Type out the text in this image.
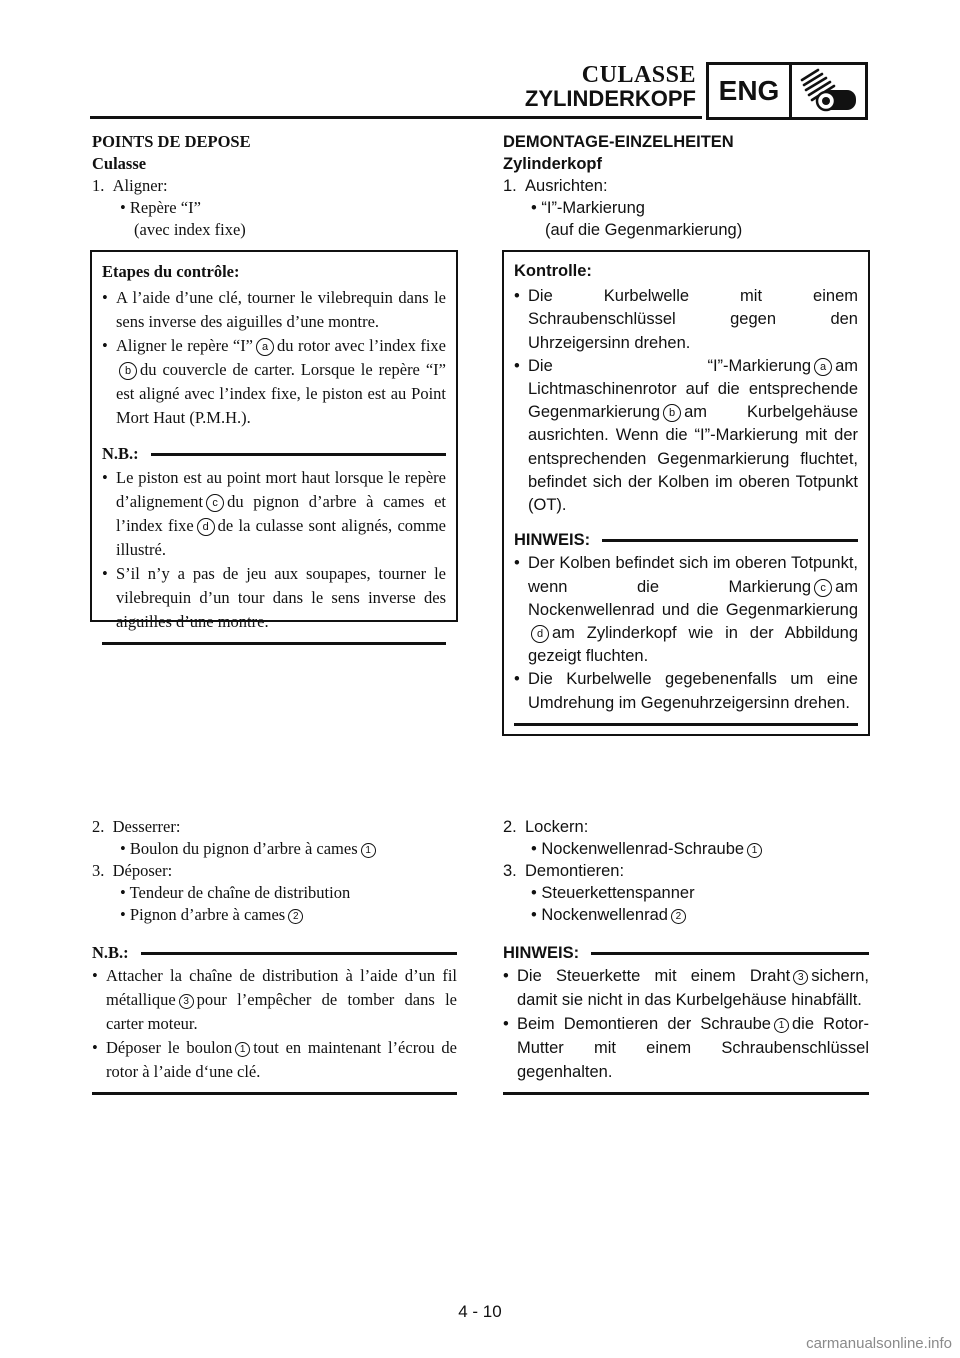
CULASSE
ZYLINDERKOPF ENG

POINTS DE DEPOSE

Culasse

1. Aligner:

• Repère “I”

(avec index fixe)

Etapes du contrôle:
• A l’aide d’une clé, tourner le vilebrequin dans le sens inverse des aiguilles d’une montre.
• Aligner le repère “I” a du rotor avec l’index fixeb du couvercle de carter. Lorsque le repère “I” est aligné avec l’index fixe, le piston est au Point Mort Haut (P.M.H.).
N.B.:
• Le piston est au point mort haut lorsque le repère d’alignement c du pignon d’arbre à cames et l’index fixe d de la culasse sont alignés, comme illustré.
• S’il n’y a pas de jeu aux soupapes, tourner le vilebrequin d’un tour dans le sens inverse des aiguilles d’une montre.

2. Desserrer:

• Boulon du pignon d’arbre à cames 1

3. Déposer:

• Tendeur de chaîne de distribution

• Pignon d’arbre à cames 2

N.B.:
• Attacher la chaîne de distribution à l’aide d’un fil métallique 3 pour l’empêcher de tomber dans le carter moteur.
• Déposer le boulon 1 tout en maintenant l’écrou de rotor à l’aide d‘une clé.

DEMONTAGE-EINZELHEITEN

Zylinderkopf

1. Ausrichten:

• “I”-Markierung

(auf die Gegenmarkierung)

Kontrolle:
• Die Kurbelwelle mit einem Schraubenschlüssel gegen den Uhrzeigersinn drehen.
• Die “I”-Markierung a am Lichtmaschinenrotor auf die entsprechende Gegenmarkierung b am Kurbelgehäuse ausrichten. Wenn die “I”-Markierung mit der entsprechenden Gegenmarkierung fluchtet, befindet sich der Kolben im oberen Totpunkt (OT).
HINWEIS:
• Der Kolben befindet sich im oberen Totpunkt, wenn die Markierung c am Nockenwellenrad und die Gegenmarkierungd am Zylinderkopf wie in der Abbildung gezeigt fluchten.
• Die Kurbelwelle gegebenenfalls um eine Umdrehung im Gegenuhrzeigersinn drehen.

2. Lockern:

• Nockenwellenrad-Schraube 1

3. Demontieren:

• Steuerkettenspanner

• Nockenwellenrad 2

HINWEIS:
• Die Steuerkette mit einem Draht 3 sichern, damit sie nicht in das Kurbelgehäuse hinabfällt.
• Beim Demontieren der Schraube 1 die Rotor-Mutter mit einem Schraubenschlüssel gegenhalten.
4 - 10
carmanualsonline.info
